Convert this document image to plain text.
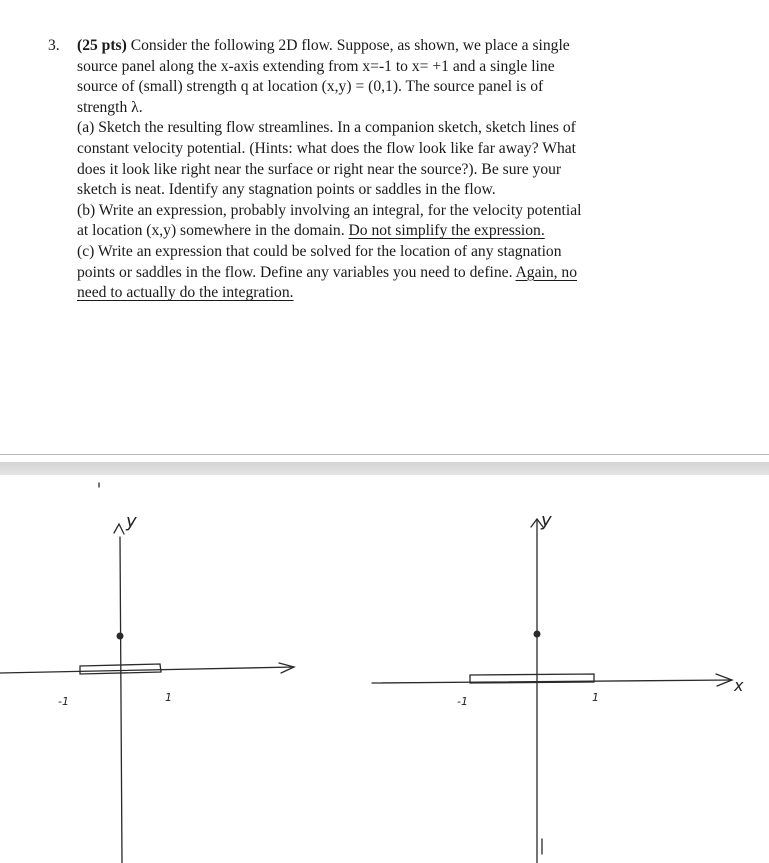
3. (25 pts) Consider the following 2D flow. Suppose, as shown, we place a single
source panel along the x-axis extending from x=-1 to x= +1 and a single line
source of (small) strength q at location (x,y) = (0,1). The source panel is of
strength λ.
(a) Sketch the resulting flow streamlines. In a companion sketch, sketch lines of
constant velocity potential. (Hints: what does the flow look like far away? What
does it look like right near the surface or right near the source?). Be sure your
sketch is neat. Identify any stagnation points or saddles in the flow.
(b) Write an expression, probably involving an integral, for the velocity potential
at location (x,y) somewhere in the domain. Do not simplify the expression.
(c) Write an expression that could be solved for the location of any stagnation
points or saddles in the flow. Define any variables you need to define. Again, no
need to actually do the integration.
y
-1	1
y
x
-1	1
